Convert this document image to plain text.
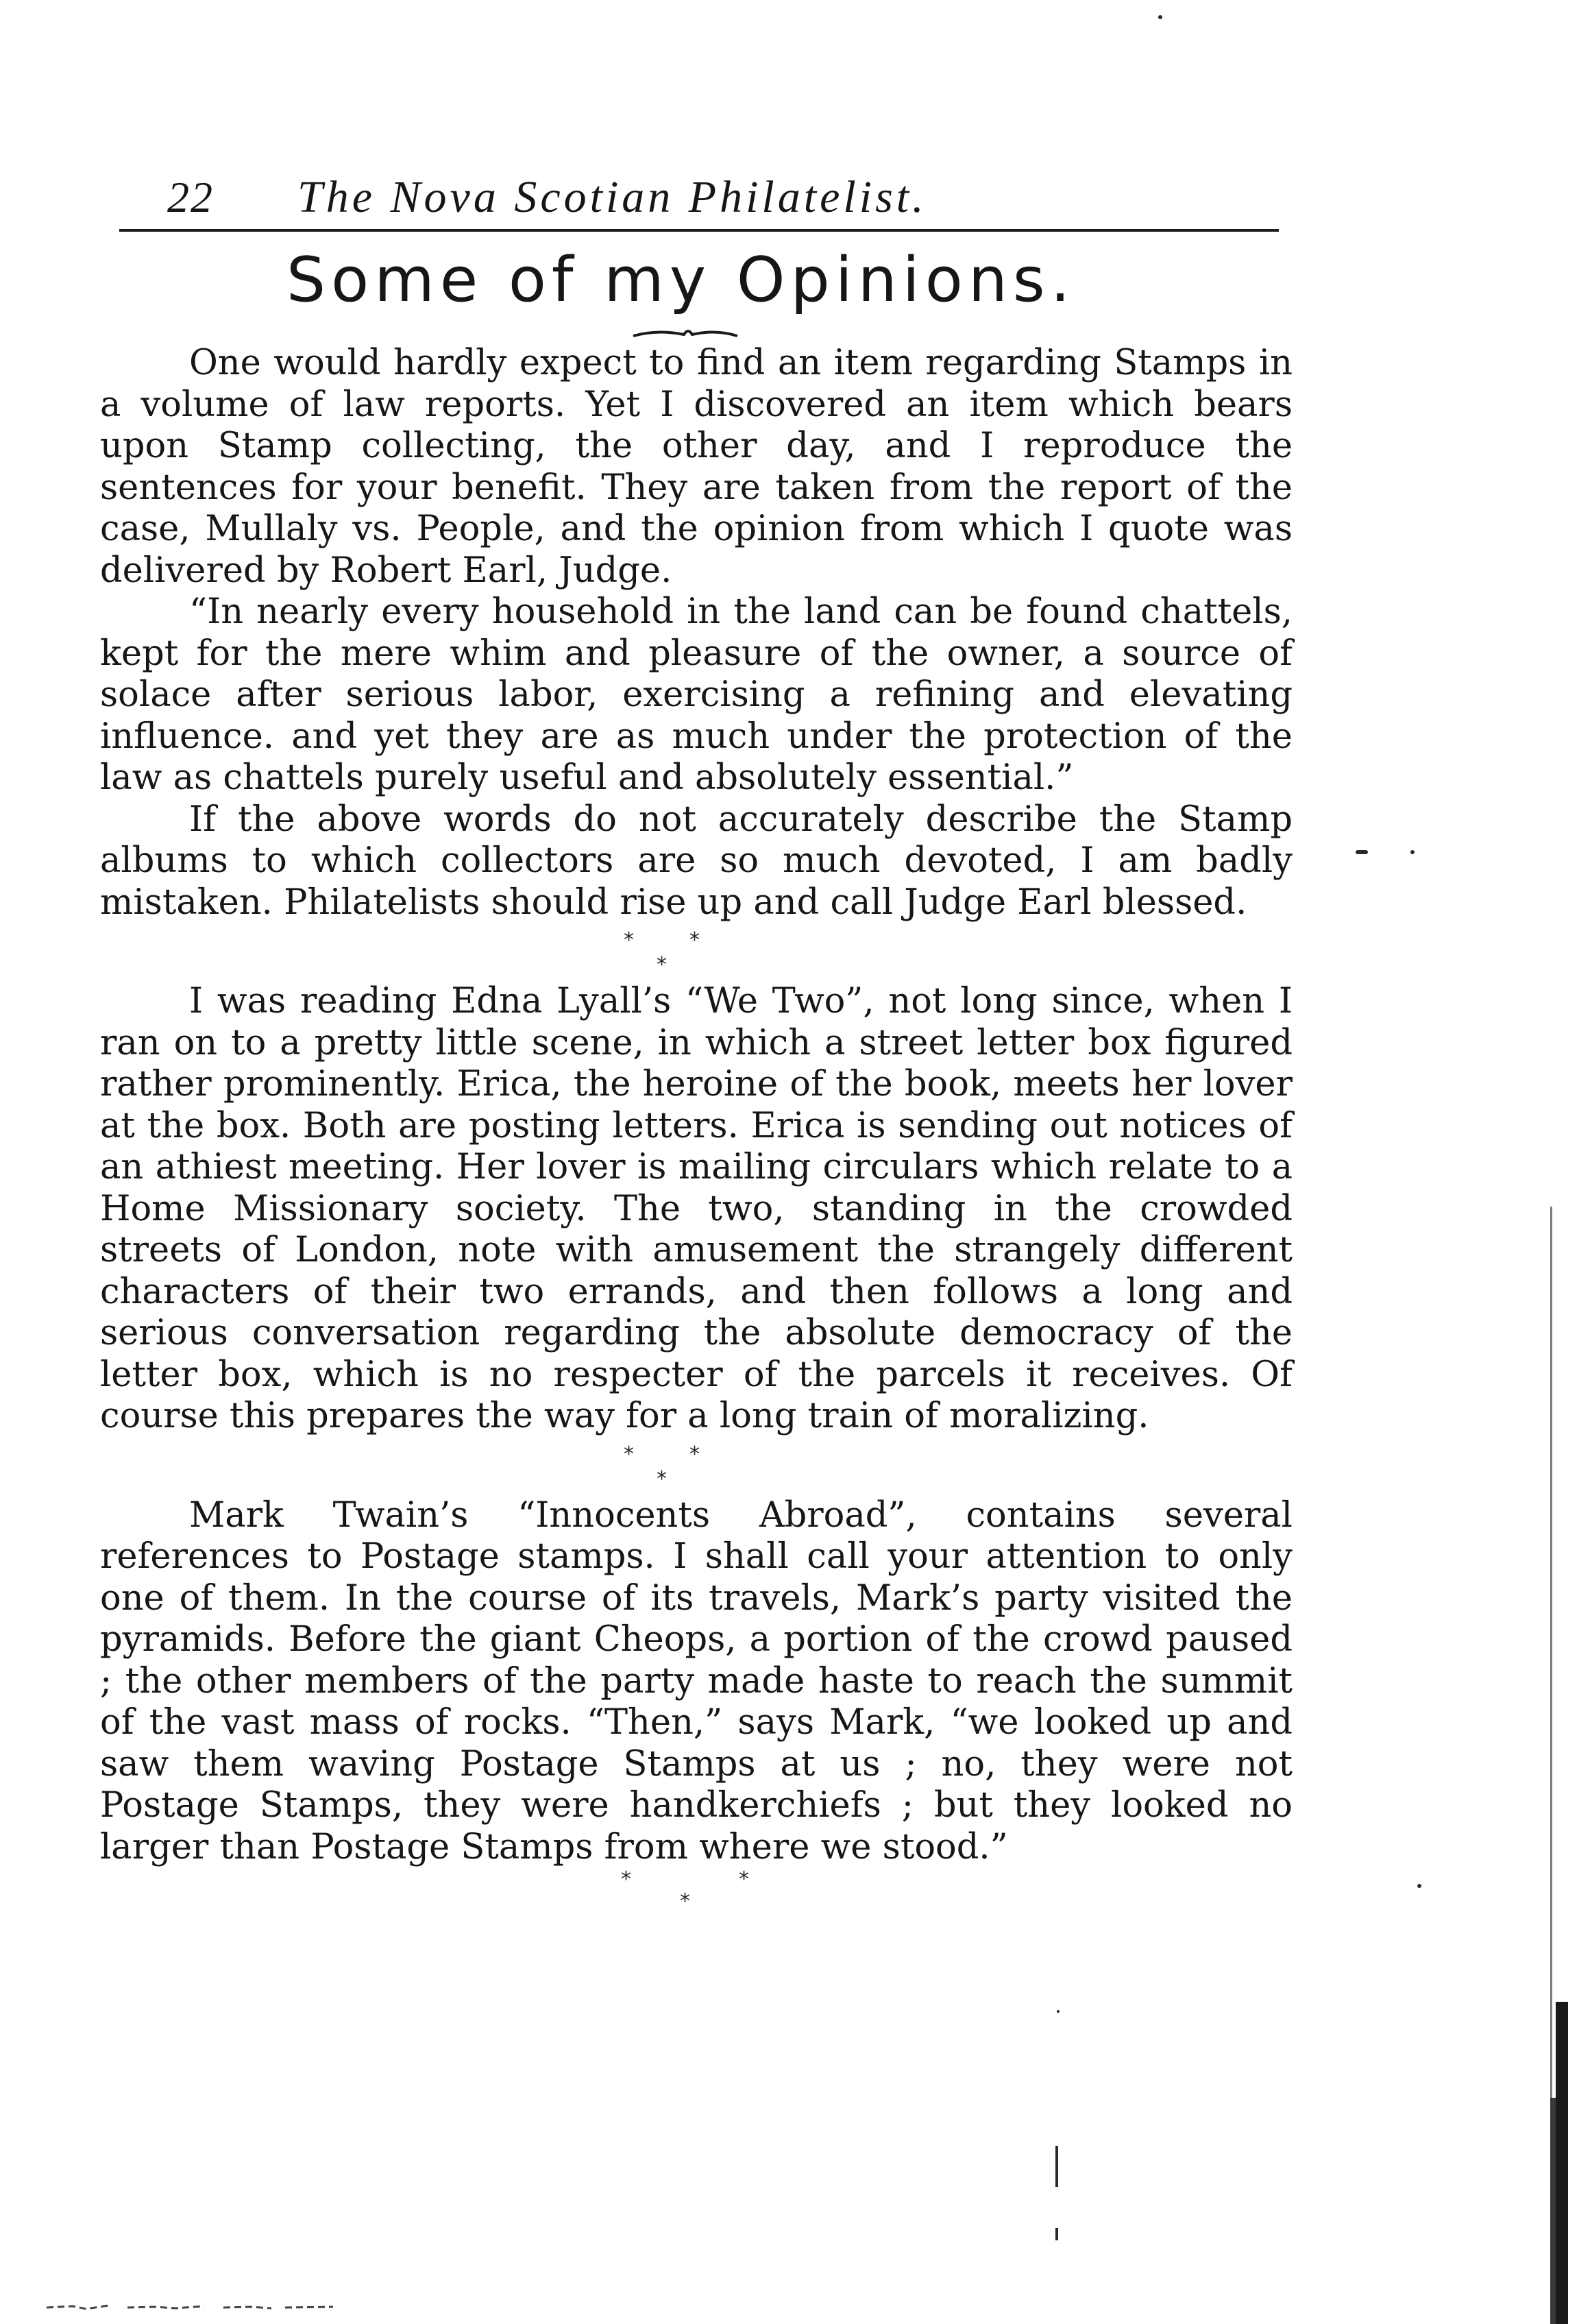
22 The Nova Scotian Philatelist.
Some of my Opinions.

One would hardly expect to find an item regarding Stamps in a volume of law reports. Yet I discovered an item which bears upon Stamp collecting, the other day, and I reproduce the sentences for your benefit. They are taken from the report of the case, Mullaly vs. People, and the opinion from which I quote was delivered by Robert Earl, Judge.

“In nearly every household in the land can be found chattels, kept for the mere whim and pleasure of the owner, a source of solace after serious labor, exercising a refining and elevating influence. and yet they are as much under the protection of the law as chattels purely useful and absolutely essential.”

If the above words do not accurately describe the Stamp albums to which collectors are so much devoted, I am badly mistaken. Philatelists should rise up and call Judge Earl blessed.

*	*
*

I was reading Edna Lyall’s “We Two”, not long since, when I ran on to a pretty little scene, in which a street letter box figured rather prominently. Erica, the heroine of the book, meets her lover at the box. Both are posting letters. Erica is sending out notices of an athiest meeting. Her lover is mailing circulars which relate to a Home Missionary society. The two, standing in the crowded streets of London, note with amusement the strangely different characters of their two errands, and then follows a long and serious conversation regarding the absolute democracy of the letter box, which is no respecter of the parcels it receives. Of course this prepares the way for a long train of moralizing.

*	*
*

Mark Twain’s “Innocents Abroad”, contains several references to Postage stamps. I shall call your attention to only one of them. In the course of its travels, Mark’s party visited the pyramids. Before the giant Cheops, a portion of the crowd paused ; the other members of the party made haste to reach the summit of the vast mass of rocks. “Then,” says Mark, “we looked up and saw them waving Postage Stamps at us ; no, they were not Postage Stamps, they were handkerchiefs ; but they looked no larger than Postage Stamps from where we stood.”

*	*
*
